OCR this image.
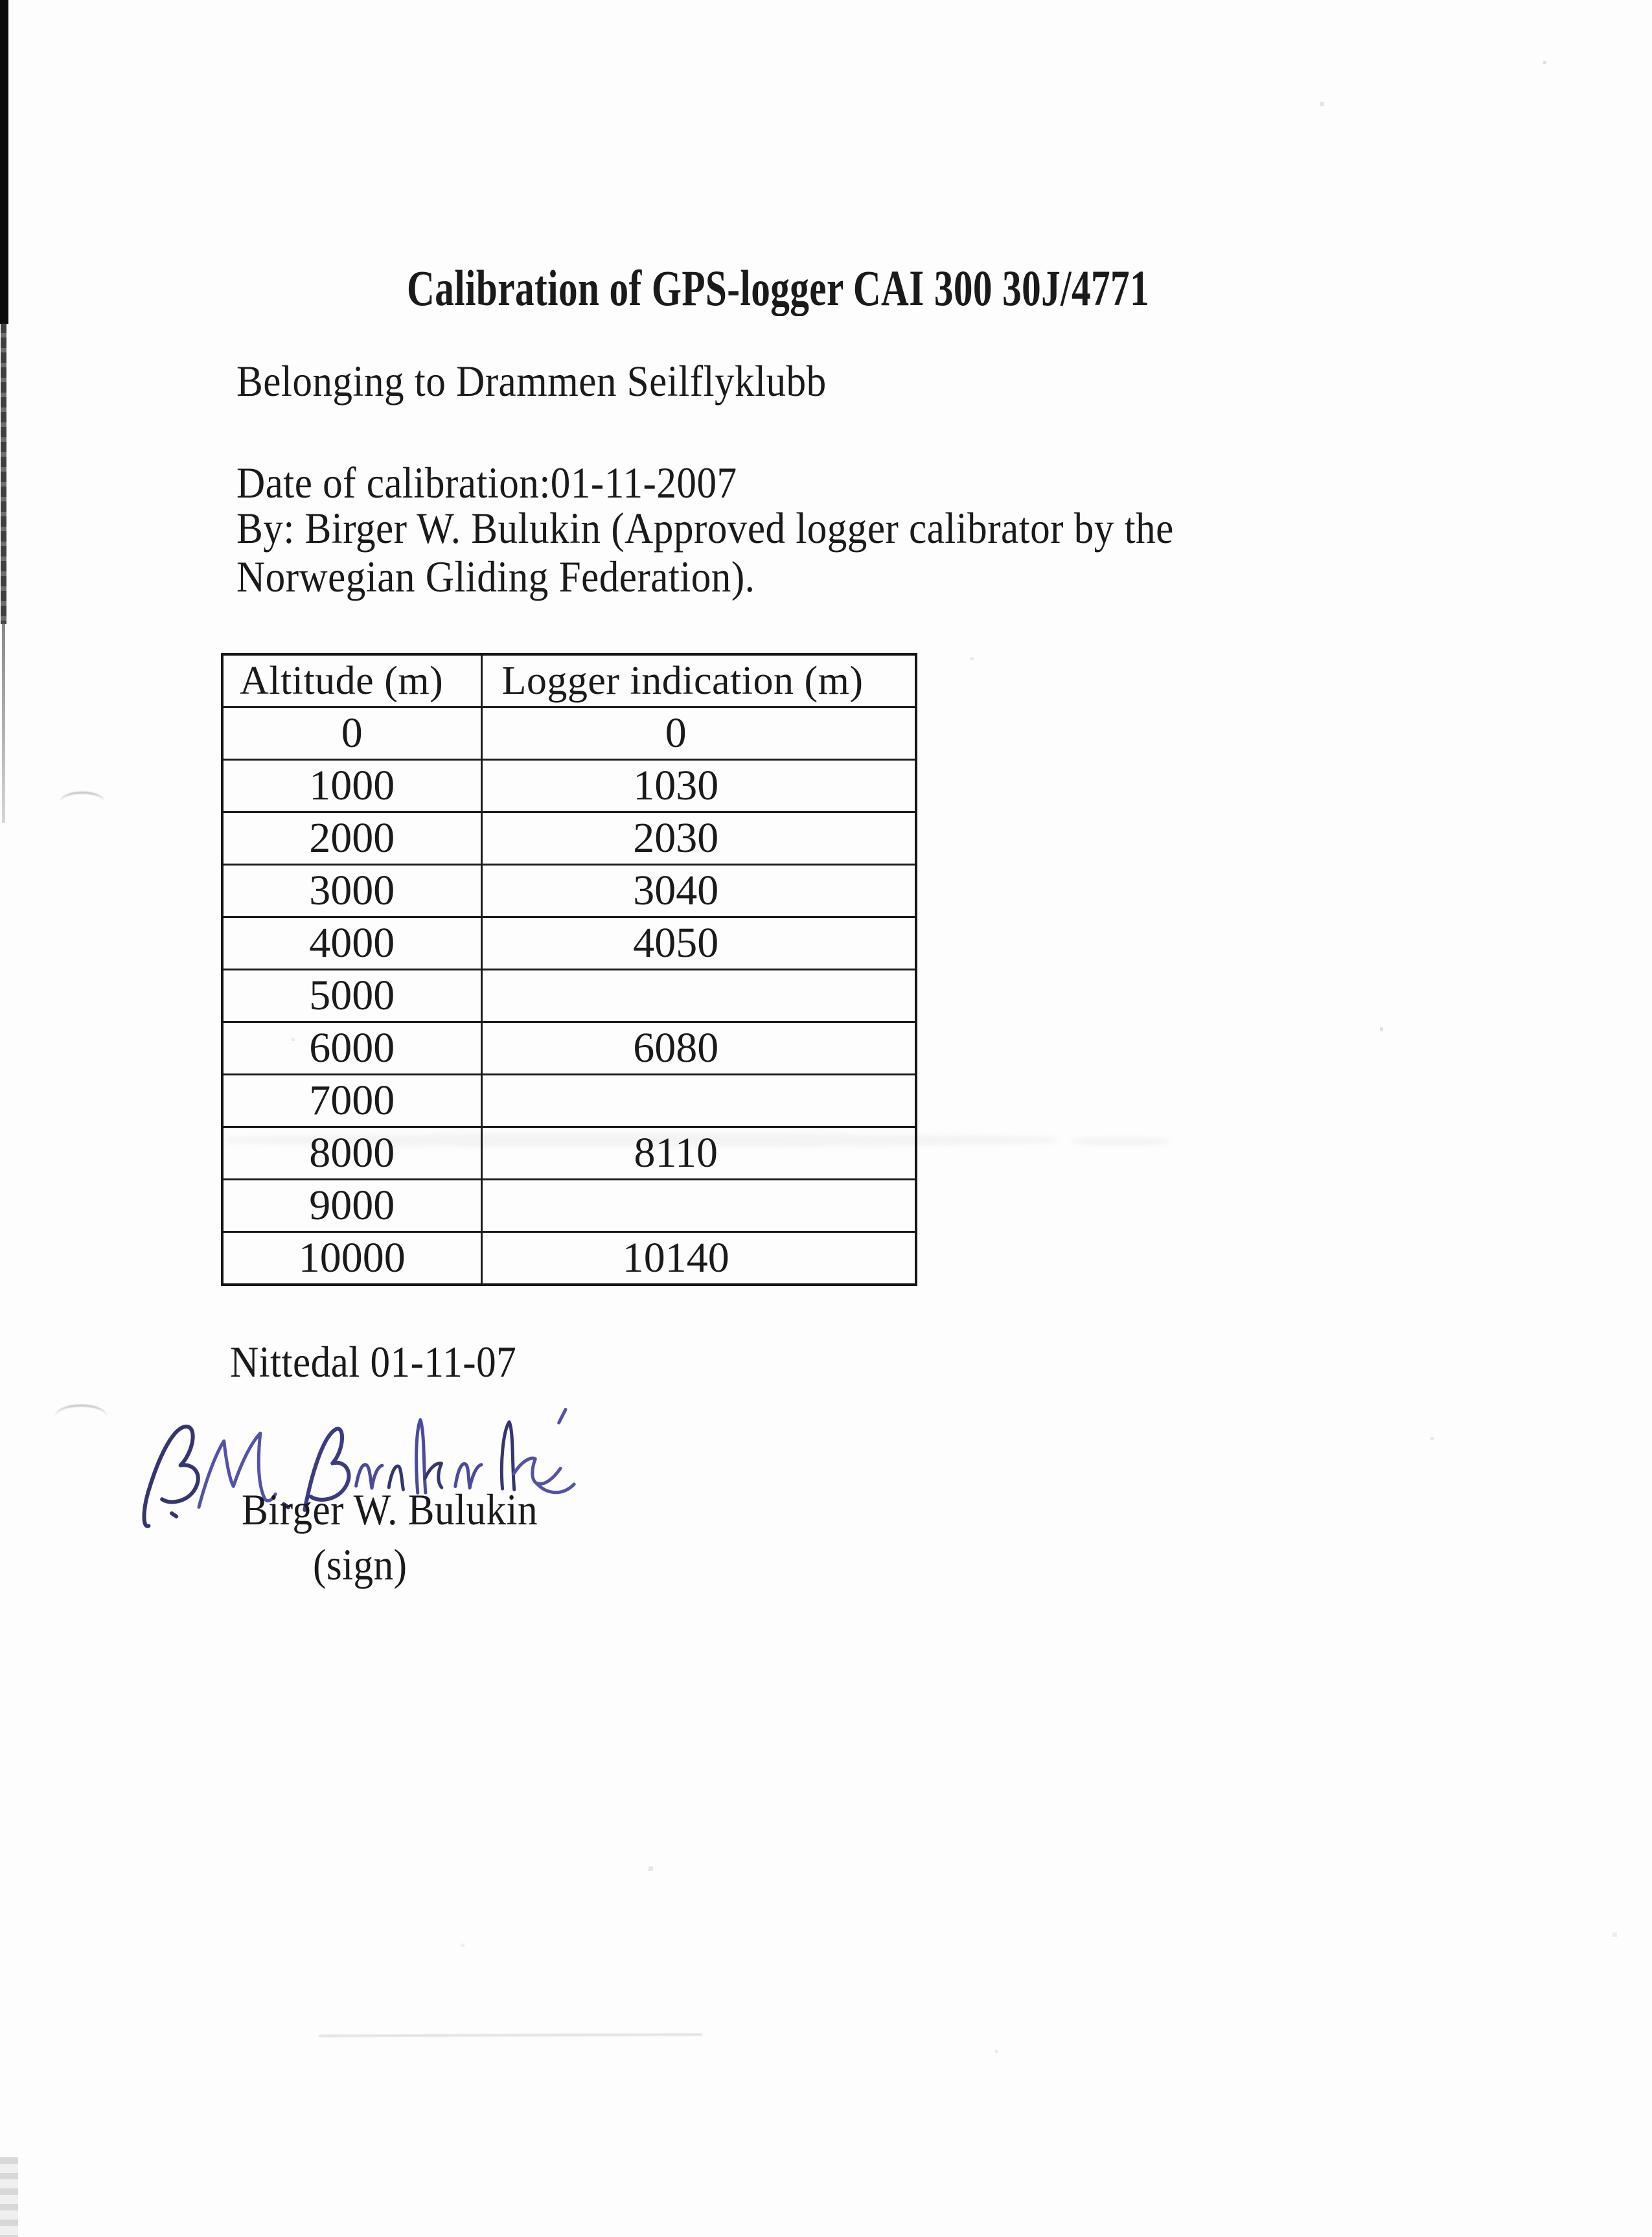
Calibration of GPS-logger CAI 300 30J/4771
Belonging to Drammen Seilflyklubb
Date of calibration:01-11-2007
By: Birger W. Bulukin (Approved logger calibrator by the
Norwegian Gliding Federation).
Altitude (m)	Logger indication (m)
0	0
1000	1030
2000	2030
3000	3040
4000	4050
5000	
6000	6080
7000	
8000	8110
9000	
10000	10140
Nittedal 01-11-07
Birger W. Bulukin
(sign)
